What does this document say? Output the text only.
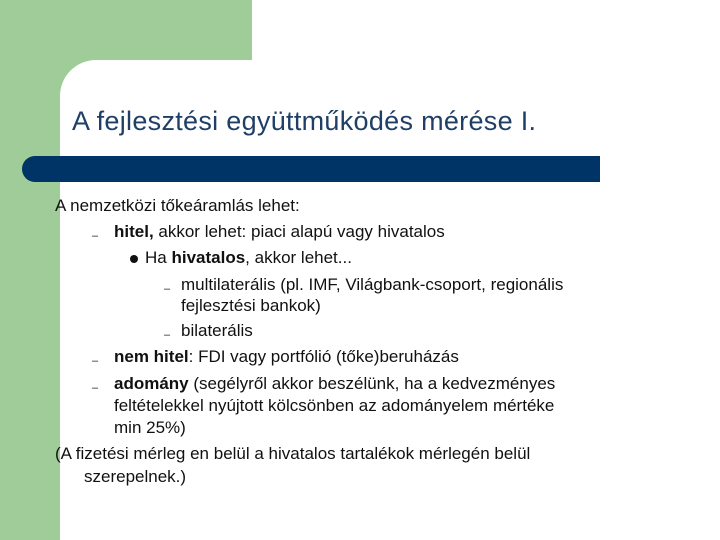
A fejlesztési együttműködés mérése I.

A nemzetközi tőkeáramlás lehet:

– hitel, akkor lehet: piaci alapú vagy hivatalos

Ha hivatalos, akkor lehet...

– multilaterális (pl. IMF, Világbank-csoport, regionális

fejlesztési bankok)

– bilaterális

– nem hitel: FDI vagy portfólió (tőke)beruházás

– adomány (segélyről akkor beszélünk, ha a kedvezményes

feltételekkel nyújtott kölcsönben az adományelem mértéke

min 25%)

(A fizetési mérleg en belül a hivatalos tartalékok mérlegén belül

szerepelnek.)
